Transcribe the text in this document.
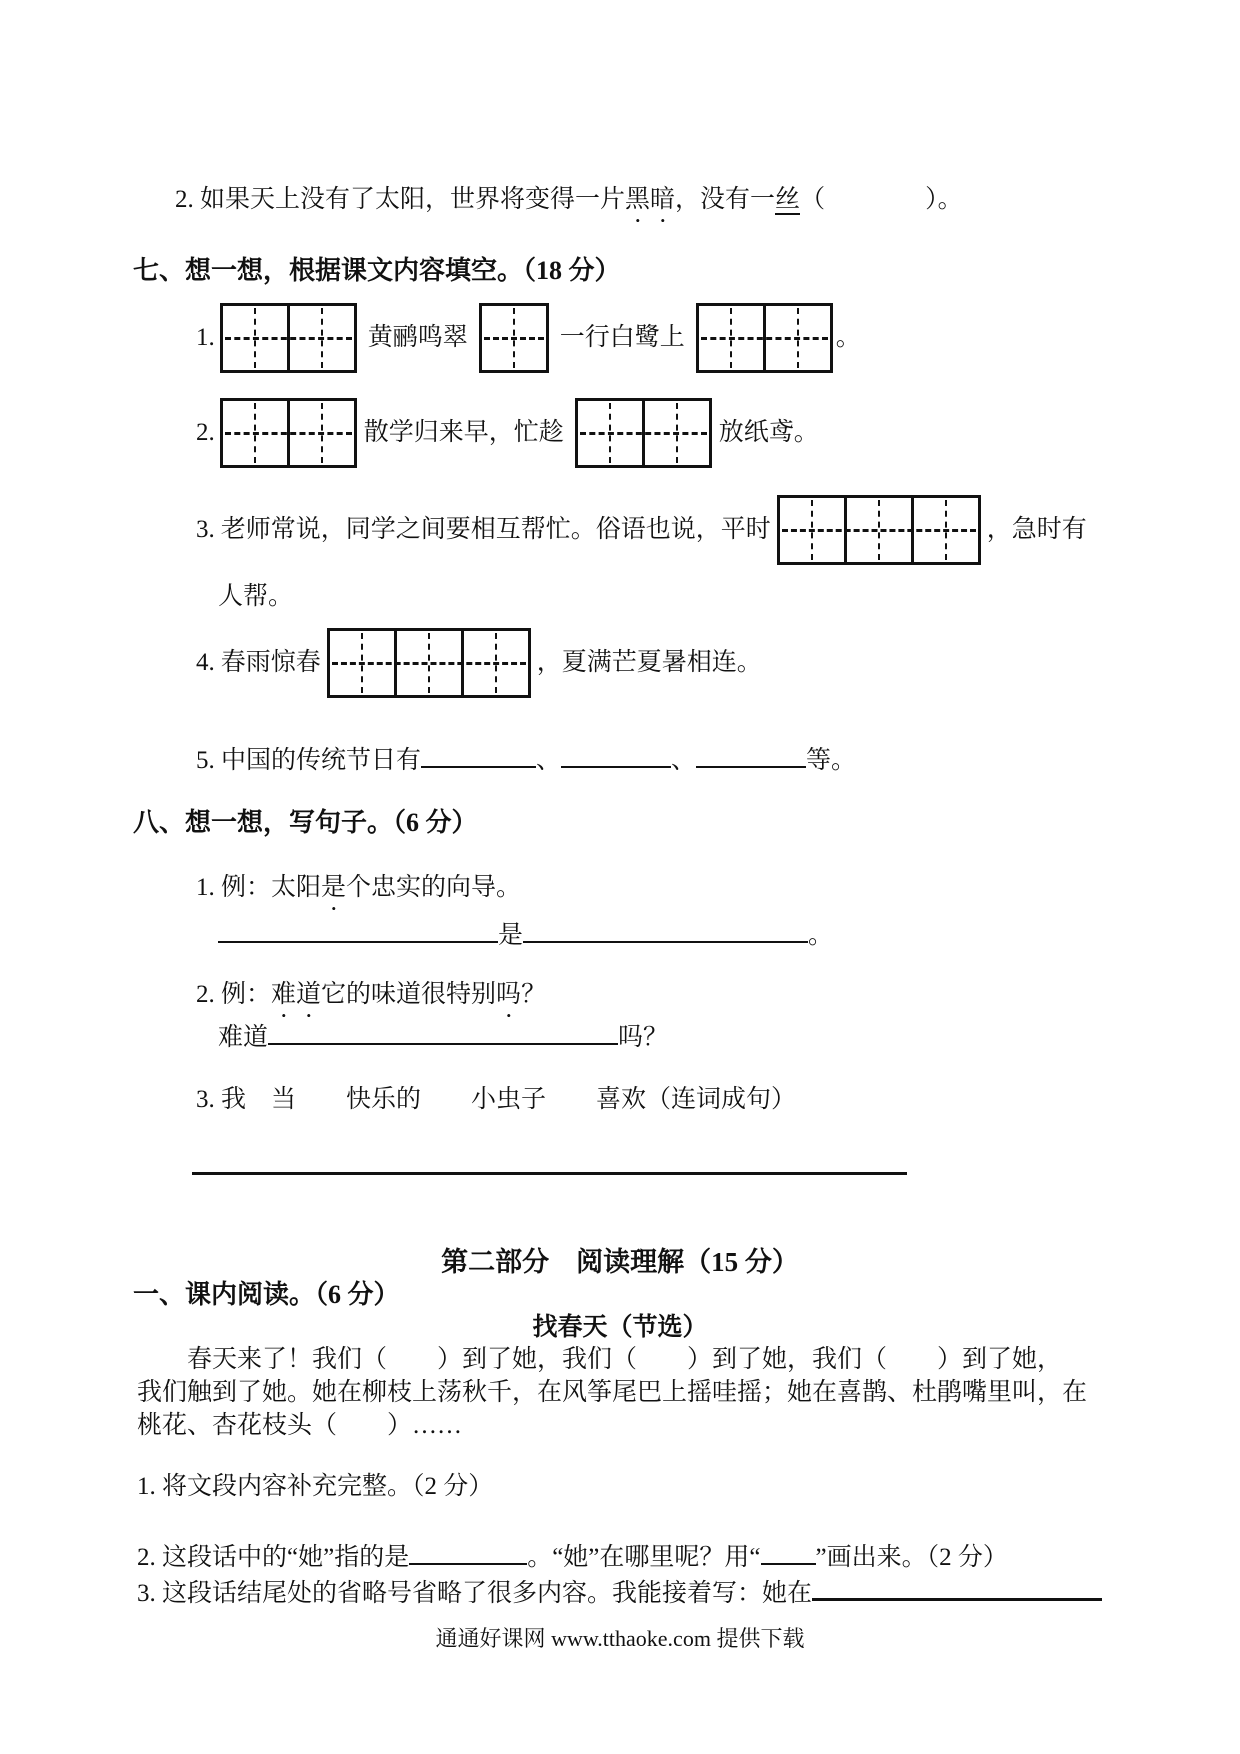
2. 如果天上没有了太阳，世界将变得一片黑暗，没有一丝（　　　　）。
七、想一想，根据课文内容填空。（18 分）
1.	黄鹂鸣翠	一行白鹭上	。
2.	散学归来早，忙趁	放纸鸢。
3. 老师常说，同学之间要相互帮忙。俗语也说，平时	，急时有
人帮。
4. 春雨惊春	，夏满芒夏暑相连。
5. 中国的传统节日有	、	、	等。
八、想一想，写句子。（6 分）
1. 例：太阳是个忠实的向导。
是	。
2. 例：难道它的味道很特别吗？
难道	吗？
3. 我　当　　快乐的　　小虫子　　喜欢（连词成句）
第二部分　阅读理解（15 分）
一、课内阅读。（6 分）
找春天（节选）
　　春天来了！我们（　　）到了她，我们（　　）到了她，我们（　　）到了她，
我们触到了她。她在柳枝上荡秋千，在风筝尾巴上摇哇摇；她在喜鹊、杜鹃嘴里叫，在
桃花、杏花枝头（　　）……
1. 将文段内容补充完整。（2 分）
2. 这段话中的“她”指的是	。“她”在哪里呢？用“ ”画出来。（2 分）
3. 这段话结尾处的省略号省略了很多内容。我能接着写：她在
通通好课网 www.tthaoke.com 提供下载
